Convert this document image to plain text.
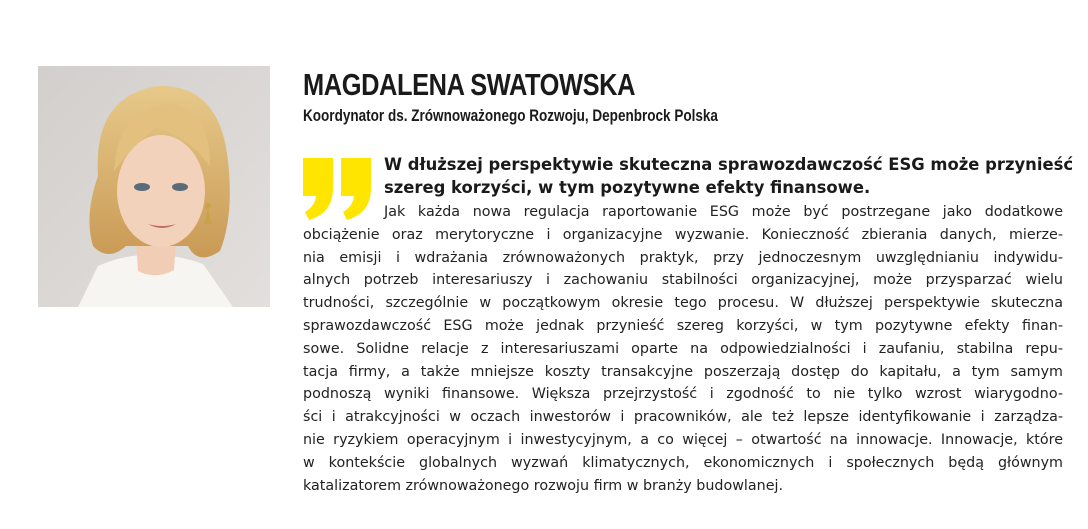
MAGDALENA SWATOWSKA
Koordynator ds. Zrównoważonego Rozwoju, Depenbrock Polska
W dłuższej perspektywie skuteczna sprawozdawczość ESG może przynieść
szereg korzyści, w tym pozytywne efekty finansowe.
Jak każda nowa regulacja raportowanie ESG może być postrzegane jako dodatkowe
obciążenie oraz merytoryczne i organizacyjne wyzwanie. Konieczność zbierania danych, mierze-
nia emisji i wdrażania zrównoważonych praktyk, przy jednoczesnym uwzględnianiu indywidu-
alnych potrzeb interesariuszy i zachowaniu stabilności organizacyjnej, może przysparzać wielu
trudności, szczególnie w początkowym okresie tego procesu. W dłuższej perspektywie skuteczna
sprawozdawczość ESG może jednak przynieść szereg korzyści, w tym pozytywne efekty finan-
sowe. Solidne relacje z interesariuszami oparte na odpowiedzialności i zaufaniu, stabilna repu-
tacja firmy, a także mniejsze koszty transakcyjne poszerzają dostęp do kapitału, a tym samym
podnoszą wyniki finansowe. Większa przejrzystość i zgodność to nie tylko wzrost wiarygodno-
ści i atrakcyjności w oczach inwestorów i pracowników, ale też lepsze identyfikowanie i zarządza-
nie ryzykiem operacyjnym i inwestycyjnym, a co więcej – otwartość na innowacje. Innowacje, które
w kontekście globalnych wyzwań klimatycznych, ekonomicznych i społecznych będą głównym
katalizatorem zrównoważonego rozwoju firm w branży budowlanej.
